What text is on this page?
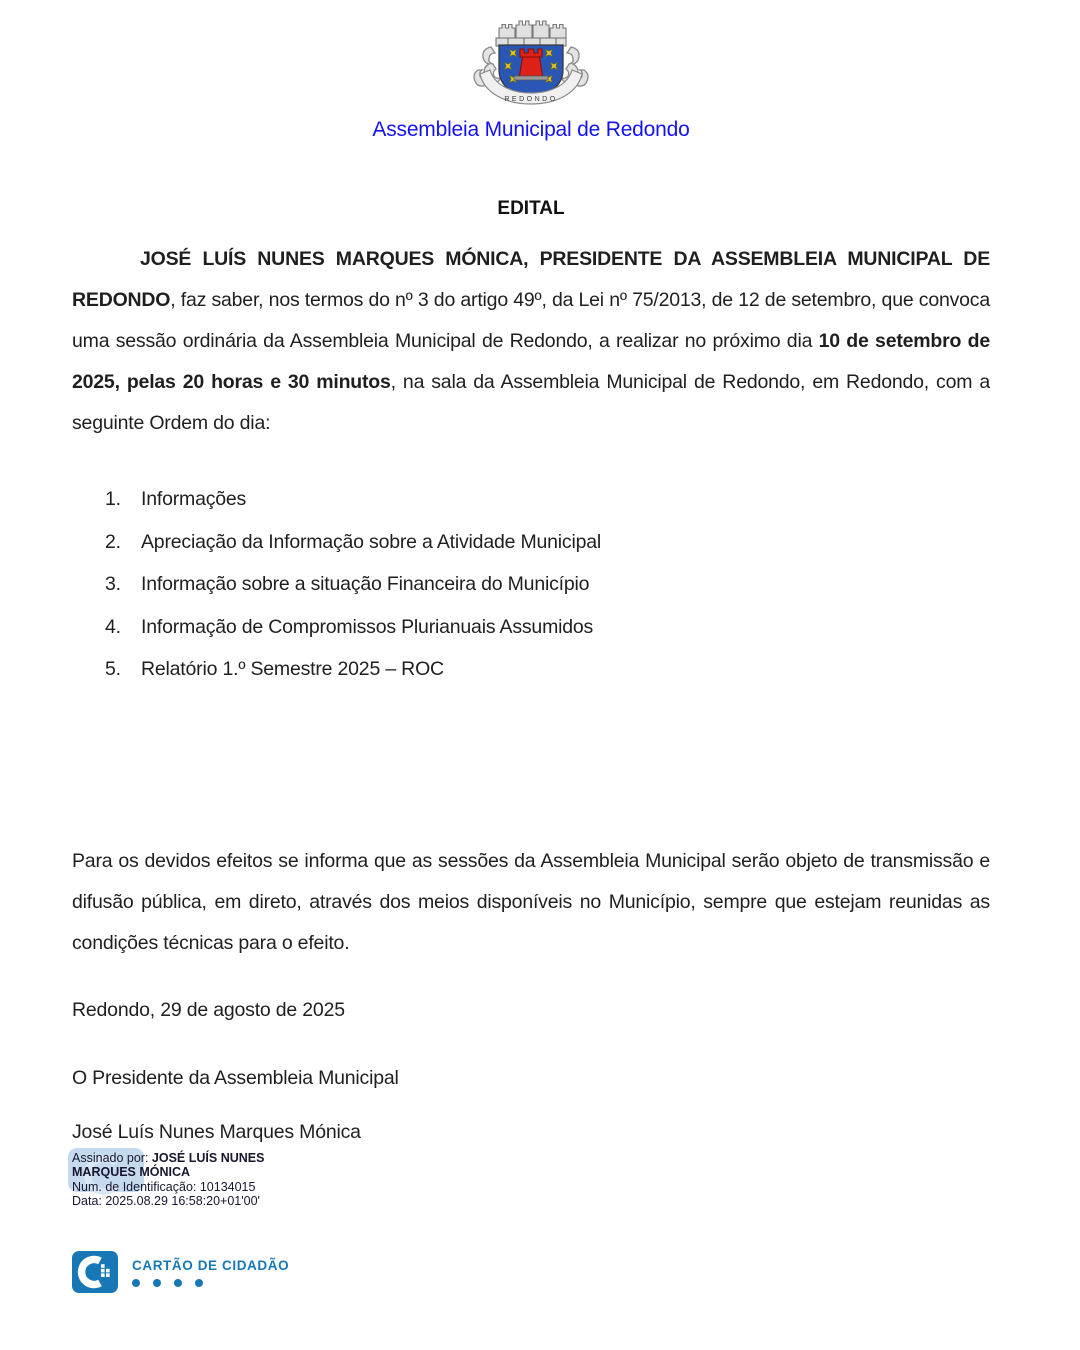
REDONDO
Assembleia Municipal de Redondo
EDITAL

JOSÉ LUÍS NUNES MARQUES MÓNICA, PRESIDENTE DA ASSEMBLEIA MUNICIPAL DE REDONDO, faz saber, nos termos do nº 3 do artigo 49º, da Lei nº 75/2013, de 12 de setembro, que convoca uma sessão ordinária da Assembleia Municipal de Redondo, a realizar no próximo dia 10 de setembro de 2025, pelas 20 horas e 30 minutos, na sala da Assembleia Municipal de Redondo, em Redondo, com a seguinte Ordem do dia:

1.	Informações
2.	Apreciação da Informação sobre a Atividade Municipal
3.	Informação sobre a situação Financeira do Município
4.	Informação de Compromissos Plurianuais Assumidos
5.	Relatório 1.º Semestre 2025 – ROC

Para os devidos efeitos se informa que as sessões da Assembleia Municipal serão objeto de transmissão e difusão pública, em direto, através dos meios disponíveis no Município, sempre que estejam reunidas as condições técnicas para o efeito.

Redondo, 29 de agosto de 2025

O Presidente da Assembleia Municipal

José Luís Nunes Marques Mónica

Assinado por: JOSÉ LUÍS NUNES MARQUES MÓNICA
Num. de Identificação: 10134015
Data: 2025.08.29 16:58:20+01'00'
CARTÃO DE CIDADÃO
